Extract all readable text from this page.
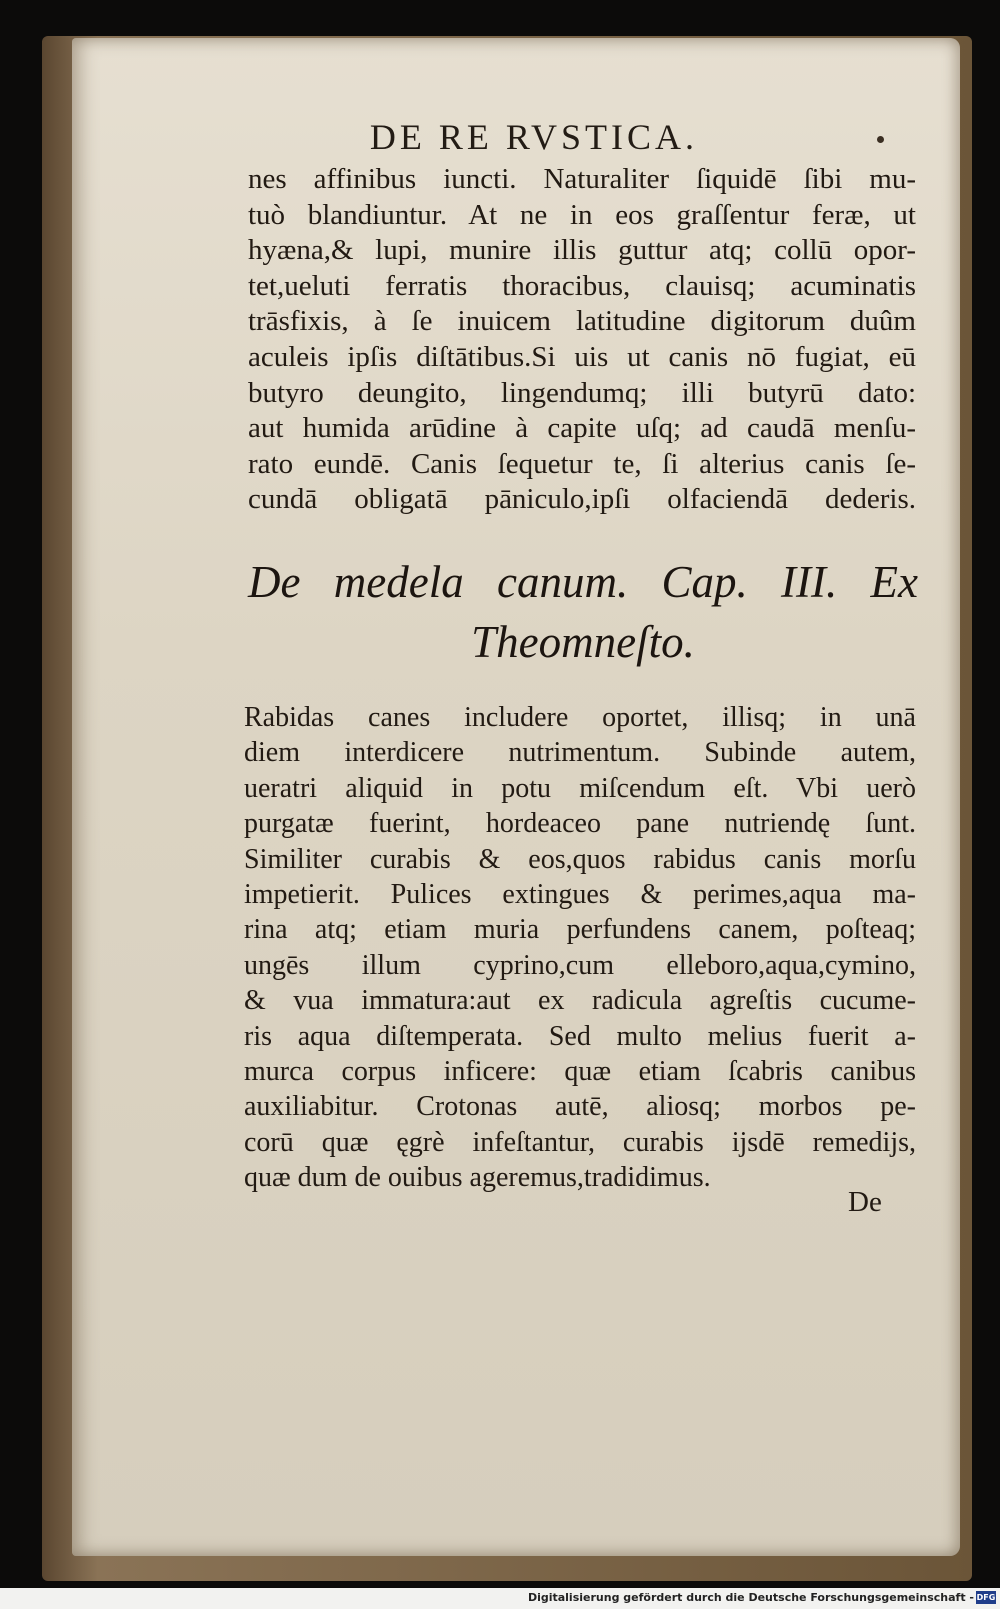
DE RE RVSTICA.
nes affinibus iuncti. Naturaliter ſiquidē ſibi mu-
tuò blandiuntur. At ne in eos graſſentur feræ, ut
hyæna,& lupi, munire illis guttur atq; collū opor-
tet,ueluti ferratis thoracibus, clauisq; acuminatis
trāsfixis, à ſe inuicem latitudine digitorum duûm
aculeis ipſis diſtātibus.Si uis ut canis nō fugiat, eū
butyro deungito, lingendumq; illi butyrū dato:
aut humida arūdine à capite uſq; ad caudā menſu-
rato eundē. Canis ſequetur te, ſi alterius canis ſe-
cundā obligatā pāniculo,ipſi olfaciendā dederis.
De medela canum. Cap. III. Ex
Theomneſto.
Rabidas canes includere oportet, illisq; in unā
diem interdicere nutrimentum. Subinde autem,
ueratri aliquid in potu miſcendum eſt. Vbi uerò
purgatæ fuerint, hordeaceo pane nutriendę ſunt.
Similiter curabis & eos,quos rabidus canis morſu
impetierit. Pulices extingues & perimes,aqua ma-
rina atq; etiam muria perfundens canem, poſteaq;
ungēs illum cyprino,cum elleboro,aqua,cymino,
& vua immatura:aut ex radicula agreſtis cucume-
ris aqua diſtemperata. Sed multo melius fuerit a-
murca corpus inficere: quæ etiam ſcabris canibus
auxiliabitur. Crotonas autē, aliosq; morbos pe-
corū quæ ęgrè infeſtantur, curabis ijsdē remedijs,
quæ dum de ouibus ageremus,tradidimus.
De
Digitalisierung gefördert durch die Deutsche Forschungsgemeinschaft - DFG
